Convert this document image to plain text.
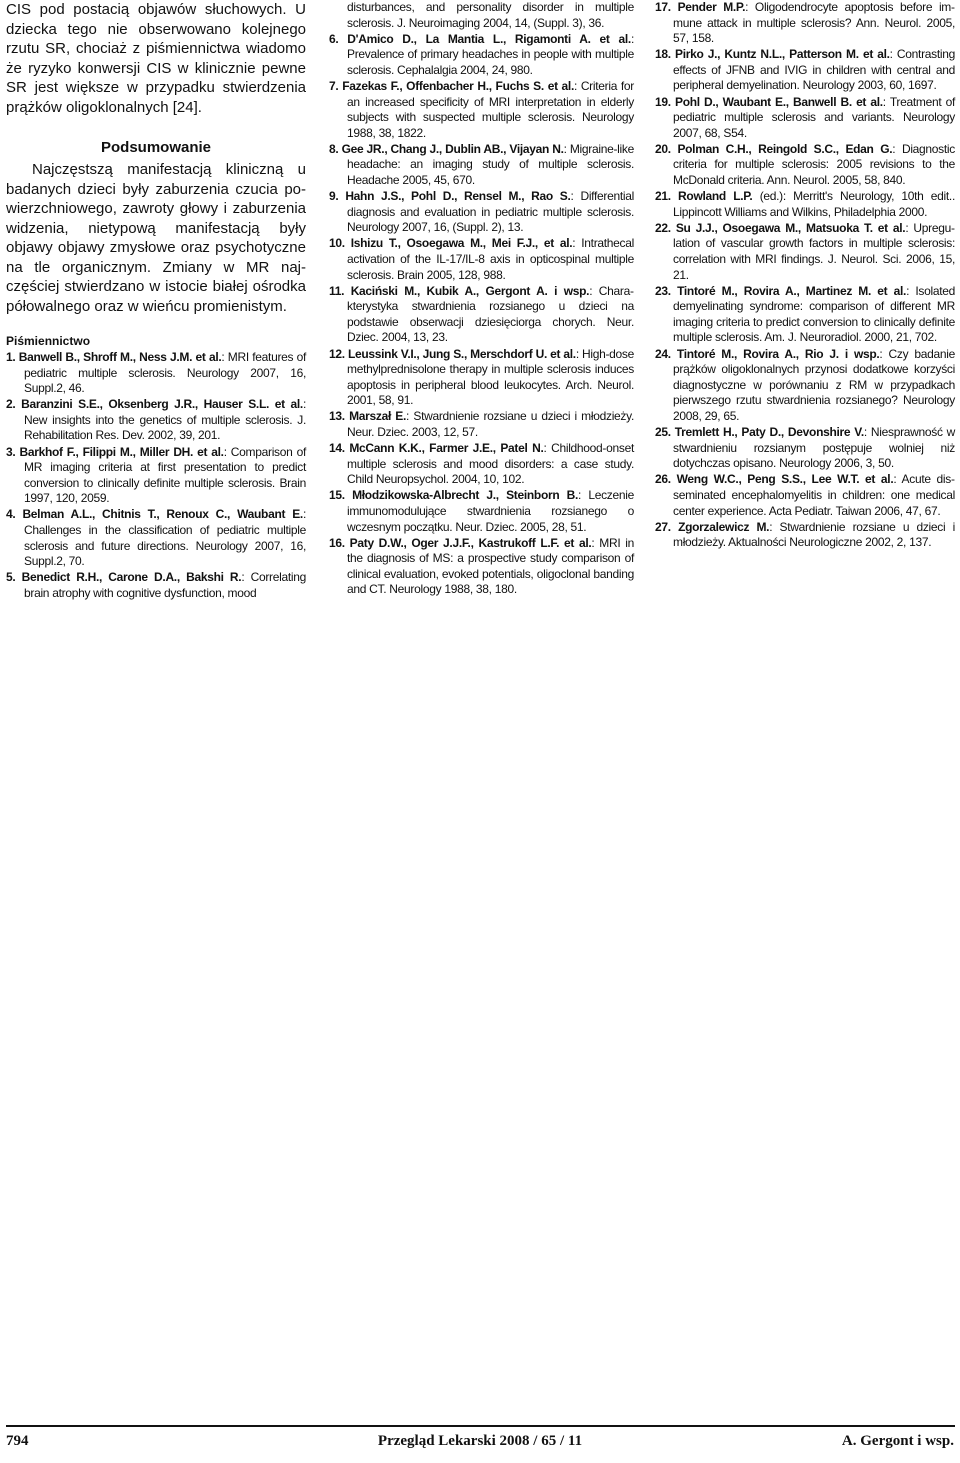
CIS pod postacią objawów słuchowych. U dziecka tego nie obserwowano kolejnego rzutu SR, chociaż z piśmiennictwa wiadomo że ryzyko konwersji CIS w klinicznie pewne SR jest większe w przypadku stwierdzenia prążków oligoklonalnych [24].

Podsumowanie

Najczęstszą manifestacją kliniczną u badanych dzieci były zaburzenia czucia powierzchniowego, zawroty głowy i zaburzenia widzenia, nietypową manifestacją były objawy objawy zmysłowe oraz psychotyczne na tle organicznym. Zmiany w MR najczęściej stwierdzano w istocie białej ośrodka półowalnego oraz w wieńcu promienistym.

Piśmiennictwo
1. Banwell B., Shroff M., Ness J.M. et al.: MRI features of pediatric multiple sclerosis. Neurology 2007, 16, Suppl.2, 46.
2. Baranzini S.E., Oksenberg J.R., Hauser S.L. et al.: New insights into the genetics of multiple sclerosis. J. Rehabilitation Res. Dev. 2002, 39, 201.
3. Barkhof F., Filippi M., Miller DH. et al.: Comparison of MR imaging criteria at first presentation to predict conversion to clinically definite multiple sclerosis. Brain 1997, 120, 2059.
4. Belman A.L., Chitnis T., Renoux C., Waubant E.: Challenges in the classification of pediatric multiple sclerosis and future directions. Neurology 2007, 16, Suppl.2, 70.
5. Benedict R.H., Carone D.A., Bakshi R.: Correlating brain atrophy with cognitive dysfunction, mood

disturbances, and personality disorder in multiple sclerosis. J. Neuroimaging 2004, 14, (Suppl. 3), 36.

6. D'Amico D., La Mantia L., Rigamonti A. et al.: Prevalence of primary headaches in people with multiple sclerosis. Cephalalgia 2004, 24, 980.
7. Fazekas F., Offenbacher H., Fuchs S. et al.: Criteria for an increased specificity of MRI interpretation in elderly subjects with suspected multiple sclerosis. Neurology 1988, 38, 1822.
8. Gee JR., Chang J., Dublin AB., Vijayan N.: Migraine-like headache: an imaging study of multiple sclerosis. Headache 2005, 45, 670.
9. Hahn J.S., Pohl D., Rensel M., Rao S.: Differential diagnosis and evaluation in pediatric multiple sclerosis. Neurology 2007, 16, (Suppl. 2), 13.
10. Ishizu T., Osoegawa M., Mei F.J., et al.: Intrathecal activation of the IL-17/IL-8 axis in opticospinal multiple sclerosis. Brain 2005, 128, 988.
11. Kaciński M., Kubik A., Gergont A. i wsp.: Charakterystyka stwardnienia rozsianego u dzieci na podstawie obserwacji dziesięciorga chorych. Neur. Dziec. 2004, 13, 23.
12. Leussink V.I., Jung S., Merschdorf U. et al.: High-dose methylprednisolone therapy in multiple sclerosis induces apoptosis in peripheral blood leukocytes. Arch. Neurol. 2001, 58, 91.
13. Marszał E.: Stwardnienie rozsiane u dzieci i młodzieży. Neur. Dziec. 2003, 12, 57.
14. McCann K.K., Farmer J.E., Patel N.: Childhood-onset multiple sclerosis and mood disorders: a case study. Child Neuropsychol. 2004, 10, 102.
15. Młodzikowska-Albrecht J., Steinborn B.: Leczenie immunomodulujące stwardnienia rozsianego o wczesnym początku. Neur. Dziec. 2005, 28, 51.
16. Paty D.W., Oger J.J.F., Kastrukoff L.F. et al.: MRI in the diagnosis of MS: a prospective study comparison of clinical evaluation, evoked potentials, oligoclonal banding and CT. Neurology 1988, 38, 180.
17. Pender M.P.: Oligodendrocyte apoptosis before immune attack in multiple sclerosis? Ann. Neurol. 2005, 57, 158.
18. Pirko J., Kuntz N.L., Patterson M. et al.: Contrasting effects of JFNB and IVIG in children with central and peripheral demyelination. Neurology 2003, 60, 1697.
19. Pohl D., Waubant E., Banwell B. et al.: Treatment of pediatric multiple sclerosis and variants. Neurology 2007, 68, S54.
20. Polman C.H., Reingold S.C., Edan G.: Diagnostic criteria for multiple sclerosis: 2005 revisions to the McDonald criteria. Ann. Neurol. 2005, 58, 840.
21. Rowland L.P. (ed.): Merritt's Neurology, 10th edit.. Lippincott Williams and Wilkins, Philadelphia 2000.
22. Su J.J., Osoegawa M., Matsuoka T. et al.: Upregulation of vascular growth factors in multiple sclerosis: correlation with MRI findings. J. Neurol. Sci. 2006, 15, 21.
23. Tintoré M., Rovira A., Martinez M. et al.: Isolated demyelinating syndrome: comparison of different MR imaging criteria to predict conversion to clinically definite multiple sclerosis. Am. J. Neuroradiol. 2000, 21, 702.
24. Tintoré M., Rovira A., Rio J. i wsp.: Czy badanie prążków oligoklonalnych przynosi dodatkowe korzyści diagnostyczne w porównaniu z RM w przypadkach pierwszego rzutu stwardnienia rozsianego? Neurology 2008, 29, 65.
25. Tremlett H., Paty D., Devonshire V.: Niesprawność w stwardnieniu rozsianym postępuje wolniej niż dotychczas opisano. Neurology 2006, 3, 50.
26. Weng W.C., Peng S.S., Lee W.T. et al.: Acute disseminated encephalomyelitis in children: one medical center experience. Acta Pediatr. Taiwan 2006, 47, 67.
27. Zgorzalewicz M.: Stwardnienie rozsiane u dzieci i młodzieży. Aktualności Neurologiczne 2002, 2, 137.
794	Przegląd Lekarski 2008 / 65 / 11	A. Gergont i wsp.
